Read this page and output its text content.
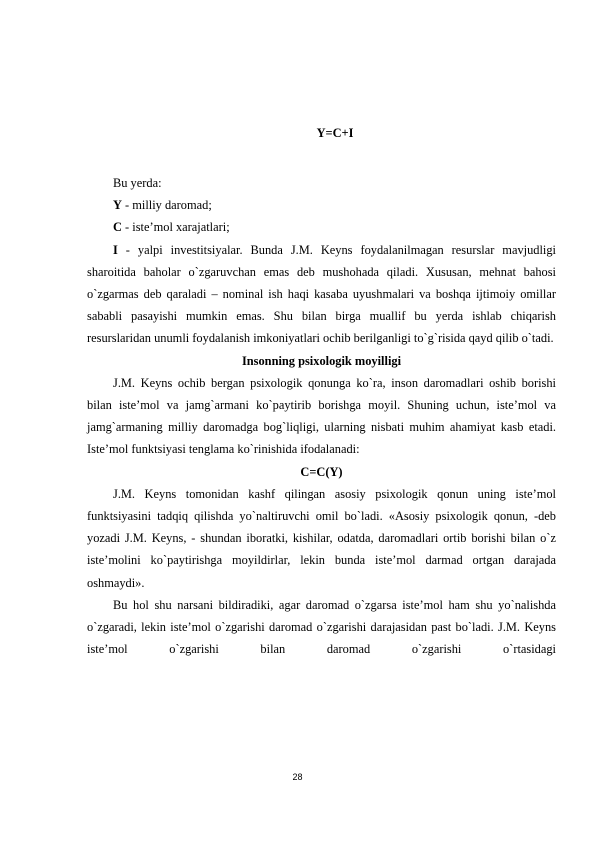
Y=C+I

Bu yerda:

Y - milliy daromad;

C - iste’mol xarajatlari;

I - yalpi investitsiyalar. Bunda J.M. Keyns foydalanilmagan resurslar mavjudligi sharoitida baholar o`zgaruvchan emas deb mushohada qiladi. Xususan, mehnat bahosi o`zgarmas deb qaraladi – nominal ish haqi kasaba uyushmalari va boshqa ijtimoiy omillar sababli pasayishi mumkin emas. Shu bilan birga muallif bu yerda ishlab chiqarish resurslaridan unumli foydalanish imkoniyatlari ochib berilganligi to`g`risida qayd qilib o`tadi.

Insonning psixologik moyilligi

J.M. Keyns ochib bergan psixologik qonunga ko`ra, inson daromadlari oshib borishi bilan iste’mol va jamg`armani ko`paytirib borishga moyil. Shuning uchun, iste’mol va jamg`armaning milliy daromadga bog`liqligi, ularning nisbati muhim ahamiyat kasb etadi. Iste’mol funktsiyasi tenglama ko`rinishida ifodalanadi:

C=C(Y)

J.M. Keyns tomonidan kashf qilingan asosiy psixologik qonun uning iste’mol funktsiyasini tadqiq qilishda yo`naltiruvchi omil bo`ladi. «Asosiy psixologik qonun, -deb yozadi J.M. Keyns, - shundan iboratki, kishilar, odatda, daromadlari ortib borishi bilan o`z iste’molini ko`paytirishga moyildirlar, lekin bunda iste’mol darmad ortgan darajada oshmaydi».

Bu hol shu narsani bildiradiki, agar daromad o`zgarsa iste’mol ham shu yo`nalishda o`zgaradi, lekin iste’mol o`zgarishi daromad o`zgarishi darajasidan past bo`ladi. J.M. Keyns iste’mol o`zgarishi bilan daromad o`zgarishi o`rtasidagi

28
